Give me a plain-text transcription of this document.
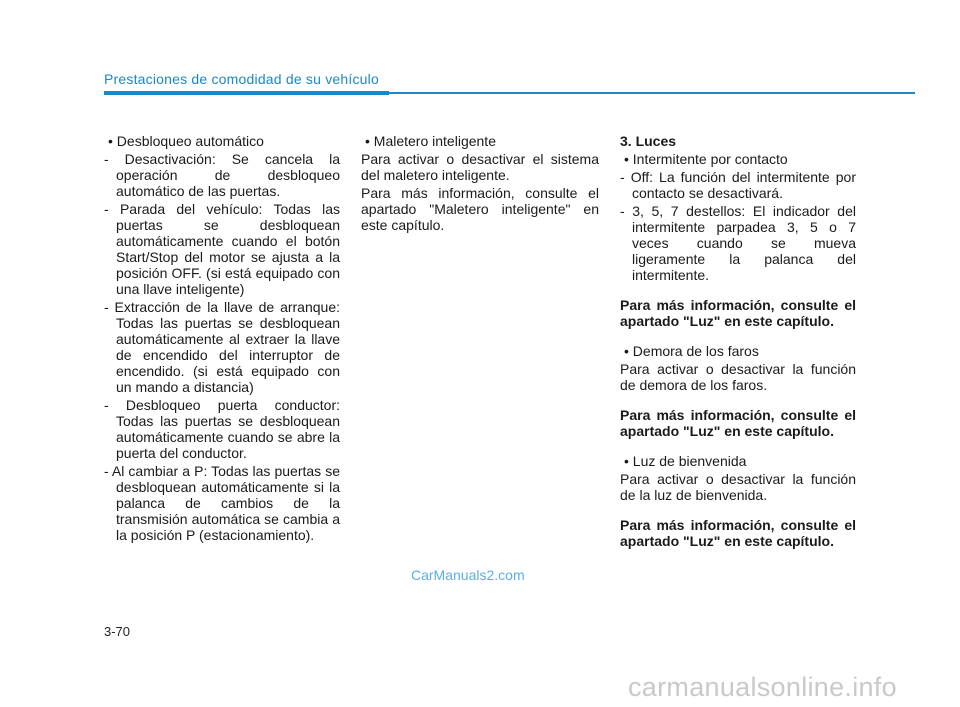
Prestaciones de comodidad de su vehículo

• Desbloqueo automático

- Desactivación: Se cancela la operación de desbloqueo automático de las puertas.

- Parada del vehículo: Todas las puertas se desbloquean automáticamente cuando el botón Start/Stop del motor se ajusta a la posición OFF. (si está equipado con una llave inteligente)

- Extracción de la llave de arranque: Todas las puertas se desbloquean automáticamente al extraer la llave de encendido del interruptor de encendido. (si está equipado con un mando a distancia)

- Desbloqueo puerta conductor: Todas las puertas se desbloquean automáticamente cuando se abre la puerta del conductor.

- Al cambiar a P: Todas las puertas se desbloquean automáticamente si la palanca de cambios de la transmisión automática se cambia a la posición P (estacionamiento).

• Maletero inteligente

Para activar o desactivar el sistema del maletero inteligente.

Para más información, consulte el apartado "Maletero inteligente" en este capítulo.

3. Luces

• Intermitente por contacto

- Off: La función del intermitente por contacto se desactivará.

- 3, 5, 7 destellos: El indicador del intermitente parpadea 3, 5 o 7 veces cuando se mueva ligeramente la palanca del intermitente.

Para más información, consulte el apartado "Luz" en este capítulo.

• Demora de los faros

Para activar o desactivar la función de demora de los faros.

Para más información, consulte el apartado "Luz" en este capítulo.

• Luz de bienvenida

Para activar o desactivar la función de la luz de bienvenida.

Para más información, consulte el apartado "Luz" en este capítulo.

CarManuals2.com
3-70
carmanualsonline.info
